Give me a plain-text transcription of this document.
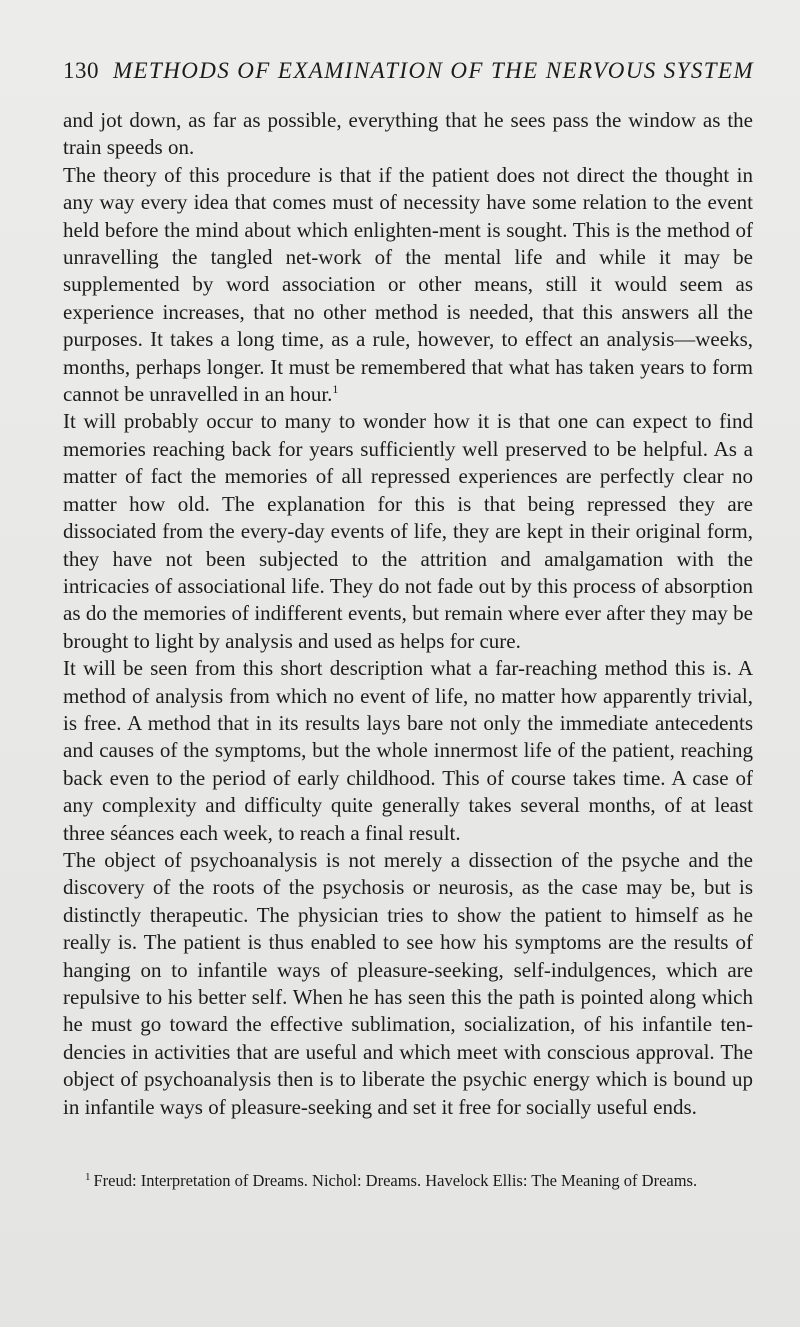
130 METHODS OF EXAMINATION OF THE NERVOUS SYSTEM

and jot down, as far as possible, everything that he sees pass the window as the train speeds on.

The theory of this procedure is that if the patient does not direct the thought in any way every idea that comes must of necessity have some relation to the event held before the mind about which enlighten-ment is sought. This is the method of unravelling the tangled net-work of the mental life and while it may be supplemented by word association or other means, still it would seem as experience increases, that no other method is needed, that this answers all the purposes. It takes a long time, as a rule, however, to effect an analysis—weeks, months, perhaps longer. It must be remembered that what has taken years to form cannot be unravelled in an hour.$^1$

It will probably occur to many to wonder how it is that one can expect to find memories reaching back for years sufficiently well preserved to be helpful. As a matter of fact the memories of all repressed experiences are perfectly clear no matter how old. The explanation for this is that being repressed they are dissociated from the every-day events of life, they are kept in their original form, they have not been subjected to the attrition and amalgamation with the intricacies of associational life. They do not fade out by this process of absorption as do the memories of indifferent events, but remain where ever after they may be brought to light by analysis and used as helps for cure.

It will be seen from this short description what a far-reaching method this is. A method of analysis from which no event of life, no matter how apparently trivial, is free. A method that in its results lays bare not only the immediate antecedents and causes of the symptoms, but the whole innermost life of the patient, reaching back even to the period of early childhood. This of course takes time. A case of any complexity and difficulty quite generally takes several months, of at least three séances each week, to reach a final result.

The object of psychoanalysis is not merely a dissection of the psyche and the discovery of the roots of the psychosis or neurosis, as the case may be, but is distinctly therapeutic. The physician tries to show the patient to himself as he really is. The patient is thus enabled to see how his symptoms are the results of hanging on to infantile ways of pleasure-seeking, self-indulgences, which are repulsive to his better self. When he has seen this the path is pointed along which he must go toward the effective sublimation, socialization, of his infantile ten-dencies in activities that are useful and which meet with conscious approval. The object of psychoanalysis then is to liberate the psychic energy which is bound up in infantile ways of pleasure-seeking and set it free for socially useful ends.

$^1$ Freud: Interpretation of Dreams. Nichol: Dreams. Havelock Ellis: The Meaning of Dreams.
